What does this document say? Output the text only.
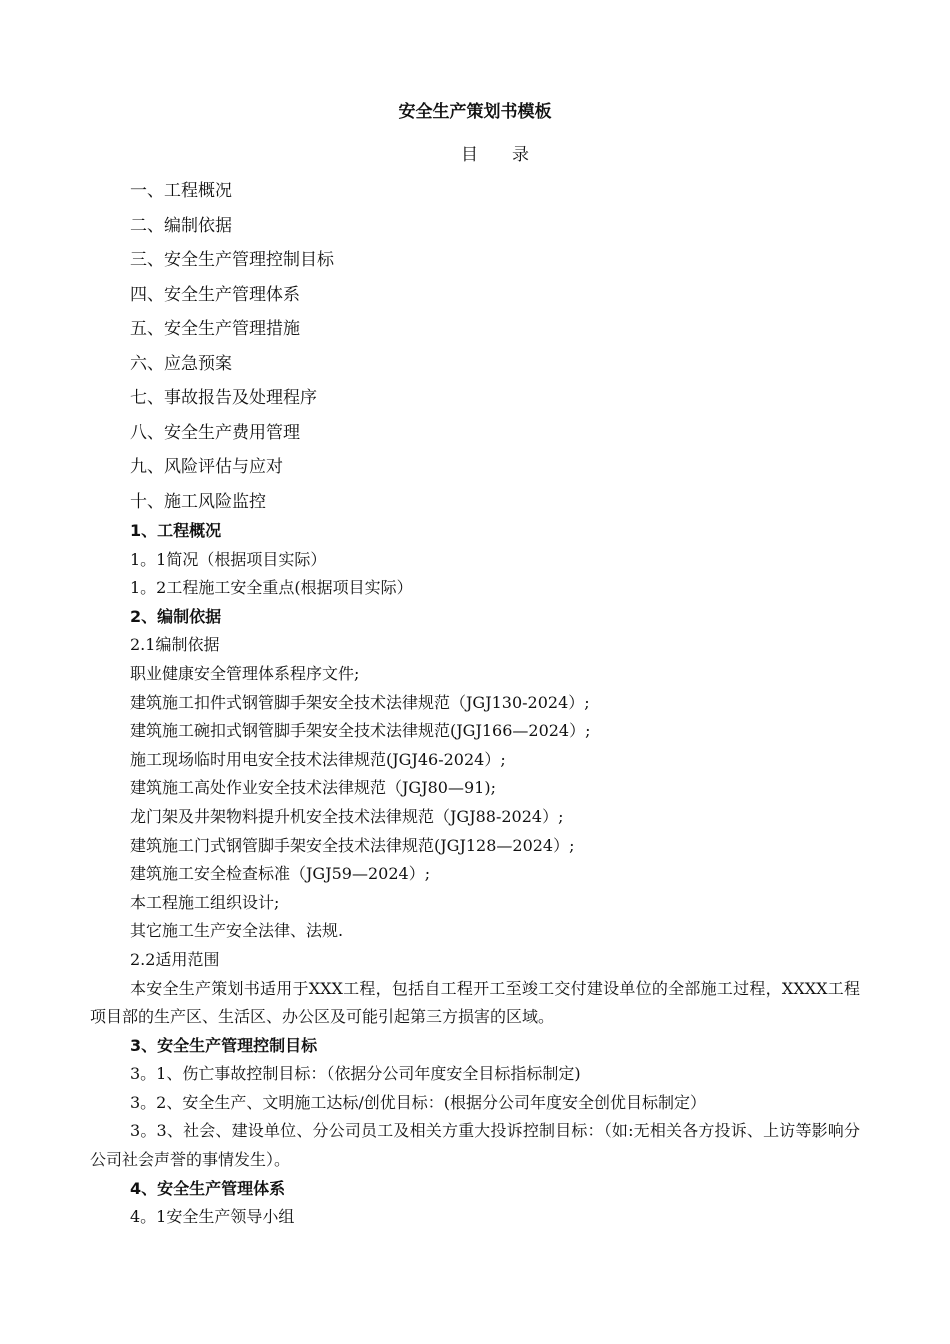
安全生产策划书模板
目 录
一、工程概况
二、编制依据
三、安全生产管理控制目标
四、安全生产管理体系
五、安全生产管理措施
六、应急预案
七、事故报告及处理程序
八、安全生产费用管理
九、风险评估与应对
十、施工风险监控
1、工程概况
1。1简况（根据项目实际）
1。2工程施工安全重点(根据项目实际）
2、编制依据
2.1编制依据
职业健康安全管理体系程序文件;
建筑施工扣件式钢管脚手架安全技术法律规范（JGJ130-2024）;
建筑施工碗扣式钢管脚手架安全技术法律规范(JGJ166—2024）;
施工现场临时用电安全技术法律规范(JGJ46-2024）;
建筑施工高处作业安全技术法律规范（JGJ80—91);
龙门架及井架物料提升机安全技术法律规范（JGJ88-2024）;
建筑施工门式钢管脚手架安全技术法律规范(JGJ128—2024）;
建筑施工安全检查标准（JGJ59—2024）;
本工程施工组织设计;
其它施工生产安全法律、法规.
2.2适用范围
本安全生产策划书适用于XXX工程，包括自工程开工至竣工交付建设单位的全部施工过程，XXXX工程项目部的生产区、生活区、办公区及可能引起第三方损害的区域。
3、安全生产管理控制目标
3。1、伤亡事故控制目标：（依据分公司年度安全目标指标制定)
3。2、安全生产、文明施工达标/创优目标：(根据分公司年度安全创优目标制定）
3。3、社会、建设单位、分公司员工及相关方重大投诉控制目标：（如:无相关各方投诉、上访等影响分公司社会声誉的事情发生）。
4、安全生产管理体系
4。1安全生产领导小组
